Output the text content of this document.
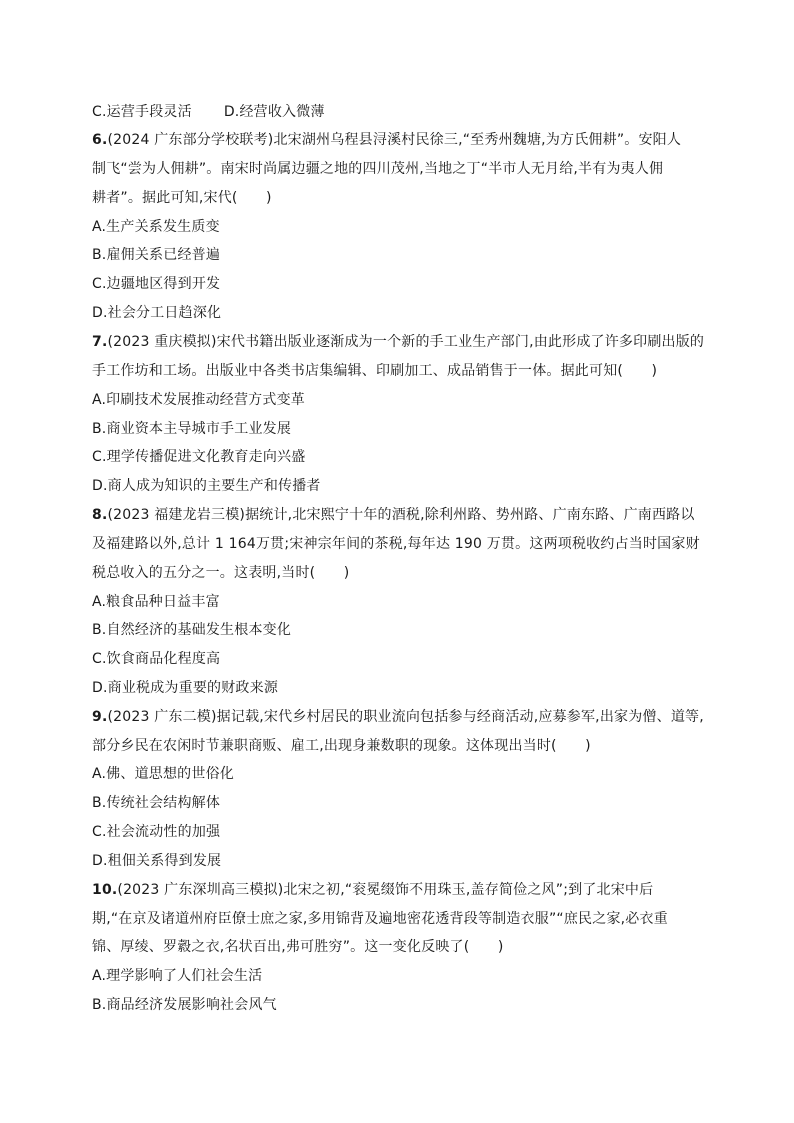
C.运营手段灵活 D.经营收入微薄
6.(2024 广东部分学校联考)北宋湖州乌程县浔溪村民徐三,“至秀州魏塘,为方氏佣耕”。安阳人
制飞“尝为人佣耕”。南宋时尚属边疆之地的四川茂州,当地之丁“半市人无月给,半有为夷人佣
耕者”。据此可知,宋代(　　)
A.生产关系发生质变
B.雇佣关系已经普遍
C.边疆地区得到开发
D.社会分工日趋深化
7.(2023 重庆模拟)宋代书籍出版业逐渐成为一个新的手工业生产部门,由此形成了许多印刷出版的
手工作坊和工场。出版业中各类书店集编辑、印刷加工、成品销售于一体。据此可知(　　)
A.印刷技术发展推动经营方式变革
B.商业资本主导城市手工业发展
C.理学传播促进文化教育走向兴盛
D.商人成为知识的主要生产和传播者
8.(2023 福建龙岩三模)据统计,北宋熙宁十年的酒税,除利州路、势州路、广南东路、广南西路以
及福建路以外,总计 1 164万贯;宋神宗年间的茶税,每年达 190 万贯。这两项税收约占当时国家财
税总收入的五分之一。这表明,当时(　　)
A.粮食品种日益丰富
B.自然经济的基础发生根本变化
C.饮食商品化程度高
D.商业税成为重要的财政来源
9.(2023 广东二模)据记载,宋代乡村居民的职业流向包括参与经商活动,应募参军,出家为僧、道等,
部分乡民在农闲时节兼职商贩、雇工,出现身兼数职的现象。这体现出当时(　　)
A.佛、道思想的世俗化
B.传统社会结构解体
C.社会流动性的加强
D.租佃关系得到发展
10.(2023 广东深圳高三模拟)北宋之初,“衮冕缀饰不用珠玉,盖存简俭之风”;到了北宋中后
期,“在京及诸道州府臣僚士庶之家,多用锦背及遍地密花透背段等制造衣服”“庶民之家,必衣重
锦、厚绫、罗縠之衣,名状百出,弗可胜穷”。这一变化反映了(　　)
A.理学影响了人们社会生活
B.商品经济发展影响社会风气
